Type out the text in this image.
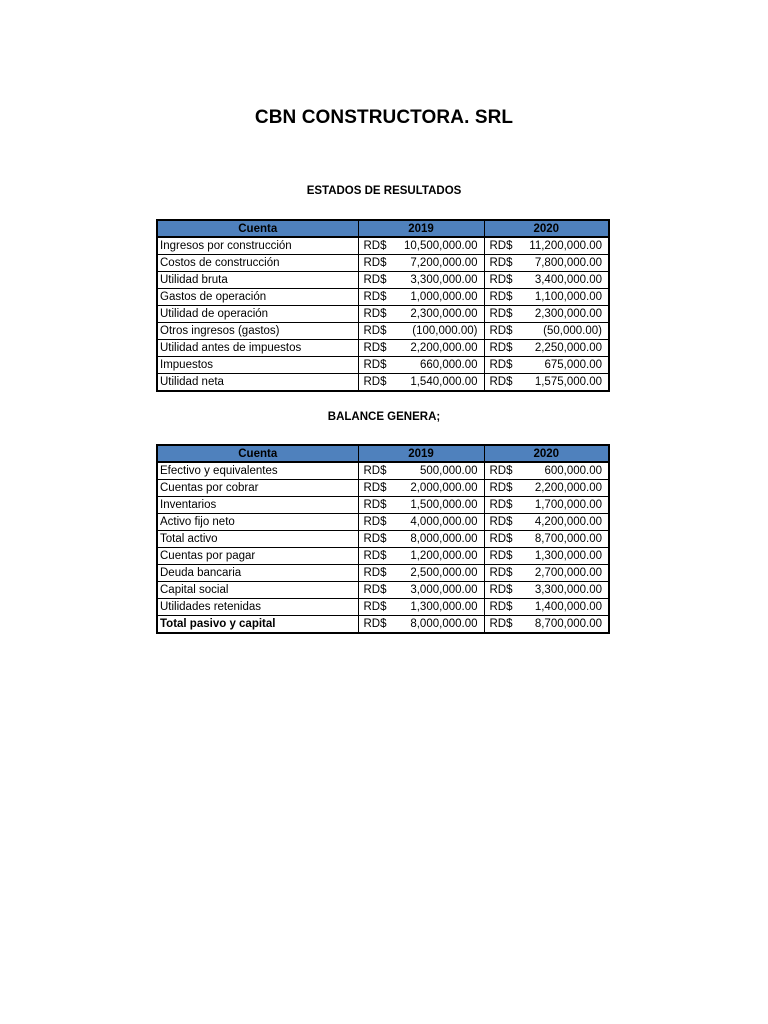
CBN CONSTRUCTORA. SRL
ESTADOS DE RESULTADOS
Cuenta	2019		2020	
Ingresos por construcción	RD$	10,500,000.00	RD$	11,200,000.00
Costos de construcción	RD$	7,200,000.00	RD$	7,800,000.00
Utilidad bruta	RD$	3,300,000.00	RD$	3,400,000.00
Gastos de operación	RD$	1,000,000.00	RD$	1,100,000.00
Utilidad de operación	RD$	2,300,000.00	RD$	2,300,000.00
Otros ingresos (gastos)	RD$	(100,000.00)	RD$	(50,000.00)
Utilidad antes de impuestos	RD$	2,200,000.00	RD$	2,250,000.00
Impuestos	RD$	660,000.00	RD$	675,000.00
Utilidad neta	RD$	1,540,000.00	RD$	1,575,000.00
BALANCE GENERA;
Cuenta	2019		2020	
Efectivo y equivalentes	RD$	500,000.00	RD$	600,000.00
Cuentas por cobrar	RD$	2,000,000.00	RD$	2,200,000.00
Inventarios	RD$	1,500,000.00	RD$	1,700,000.00
Activo fijo neto	RD$	4,000,000.00	RD$	4,200,000.00
Total activo	RD$	8,000,000.00	RD$	8,700,000.00
Cuentas por pagar	RD$	1,200,000.00	RD$	1,300,000.00
Deuda bancaria	RD$	2,500,000.00	RD$	2,700,000.00
Capital social	RD$	3,000,000.00	RD$	3,300,000.00
Utilidades retenidas	RD$	1,300,000.00	RD$	1,400,000.00
Total pasivo y capital	RD$	8,000,000.00	RD$	8,700,000.00
